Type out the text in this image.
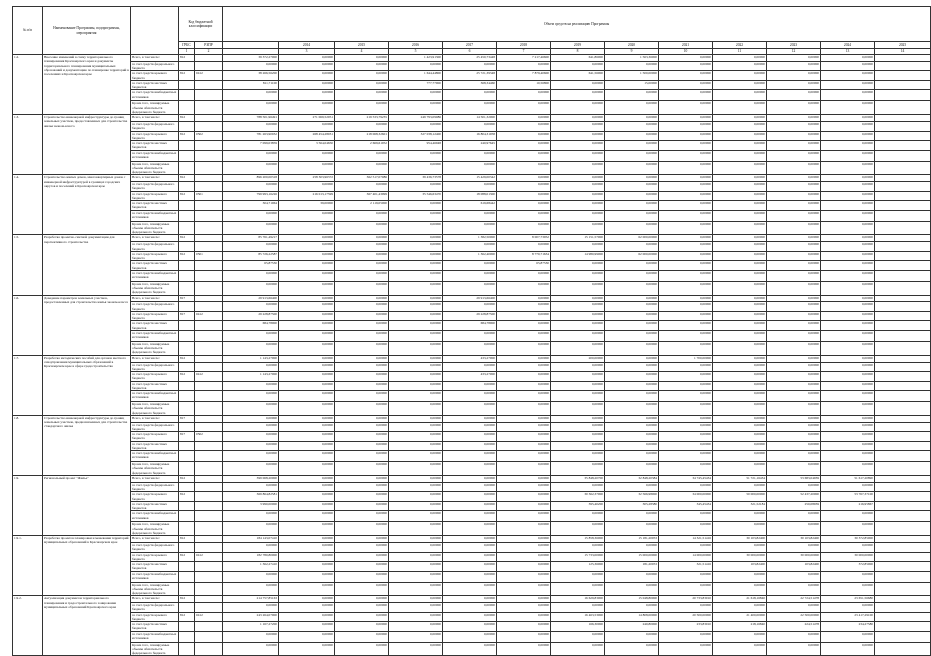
№ п/п	Наименование Программы, подпрограммы, мероприятия		Код бюджетной классификации		Объем средств на реализацию Программы													
			ГРБС	РЗПР		2014	2015	2016	2017	2018	2019	2020	2021	2022	2023	2024	2025	
			1	2		3	4	5	6	7	8	9	10	11	12	13	14			
1.2.	Внесение изменений в схему территориального планирования Красноярского края и документы территориального планирования муниципальных образований и документацию по планировке территорий в поселениях и Красноярском крае	Всего, в том числе:	812		39 372,27000	0,00000	0,00000	1 423,91300	25 450,73448	7 217,46600	641,86000	1 563,36000	0,00000	0,00000	0,00000	0,00000		
		за счет средств федерального бюджета			0,00000	0,00000	0,00000	0,00000	0,00000	0,00000	0,00000	0,00000	0,00000	0,00000	0,00000	0,00000		
		за счет средств краевого бюджета	812	0412	38 266,56200	0,00000	0,00000	1 644,44800	25 721,39348	7 879,40600	641,56000	1 500,00000	0,00000	0,00000	0,00000	0,00000		
		за счет средств местных бюджетов			811,71100	0,00000	0,00000	777,77900	368,34460	10,56800	0,00000	15,00000	0,00000	0,00000	0,00000	0,00000		
		за счет средств внебюджетных источников			0,00000	0,00000	0,00000	0,00000	0,00000	0,00000	0,00000	0,00000	0,00000	0,00000	0,00000	0,00000		
		Кроме того, планируемые объемы обязательств федерального бюджета			0,00000	0,00000	0,00000	0,00000	0,00000	0,00000	0,00000	0,00000	0,00000	0,00000	0,00000	0,00000		
1.3.	Строительство инженерной инфраструктуры до границ земельных участков, предоставленных для строительства жилья эконом-класса	Всего, в том числе:	812		788 501,96491	271 069,52051	219 533,79235	249 793,09086	14 501,32000	0,00000	0,00000	0,00000	0,00000	0,00000	0,00000	0,00000		
		за счет средств федерального бюджета			0,00000	0,00000	0,00000	0,00000	0,00000	0,00000	0,00000	0,00000	0,00000	0,00000	0,00000	0,00000		
		за счет средств краевого бюджета	812	0502	781 263,90932	268 454,28031	218 068,32601	327 038,12400	16 804,31958	0,00000	0,00000	0,00000	0,00000	0,00000	0,00000	0,00000		
		за счет средств местных бюджетов			7 099,03859	3 564,04650	2 669,61952	954,46948	240,97645	0,00000	0,00000	0,00000	0,00000	0,00000	0,00000	0,00000		
		за счет средств внебюджетных источников			0,00000	0,00000	0,00000	0,00000	0,00000	0,00000	0,00000	0,00000	0,00000	0,00000	0,00000	0,00000		
		Кроме того, планируемые объемы обязательств федерального бюджета			0,00000	0,00000	0,00000	0,00000	0,00000	0,00000	0,00000	0,00000	0,00000	0,00000	0,00000	0,00000		
1.4.	Строительство жилых домов, многоквартирных домов с инженерной инфраструктурой в границах городских округов и поселений в Красноярском крае	Всего, в том числе:	812		896 200,00318	258 303,96372	362 517,07086	39 436,73578	15 429,00342	0,00000	0,00000	0,00000	0,00000	0,00000	0,00000	0,00000		
		за счет средств федерального бюджета			0,00000	0,00000	0,00000	0,00000	0,00000	0,00000	0,00000	0,00000	0,00000	0,00000	0,00000	0,00000		
		за счет средств краевого бюджета	812	0501	799 993,16226	216 013,17599	367 401,43999	35 546,63470	18 088,01300	0,00000	0,00000	0,00000	0,00000	0,00000	0,00000	0,00000		
		за счет средств местных бюджетов			304,71964	39,00000	2 119,05000	0,00000	619,68442	0,00000	0,00000	0,00000	0,00000	0,00000	0,00000	0,00000		
		за счет средств внебюджетных источников			0,00000	0,00000	0,00000	0,00000	0,00000	0,00000	0,00000	0,00000	0,00000	0,00000	0,00000	0,00000		
		Кроме того, планируемые объемы обязательств федерального бюджета			0,00000	0,00000	0,00000	0,00000	0,00000	0,00000	0,00000	0,00000	0,00000	0,00000	0,00000	0,00000		
1.5.	Разработка проектно-сметной документации для перспективного строительства	Всего, в том числе:	812		85 761,49217	0,00000	0,00000	0,00000	1 382,50000	8 007,73952	15 151,57000	62 000,00000	0,00000	0,00000	0,00000	0,00000		
		за счет средств федерального бюджета			0,00000	0,00000	0,00000	0,00000	0,00000	0,00000	0,00000	0,00000	0,00000	0,00000	0,00000	0,00000		
		за счет средств краевого бюджета	812	0501	85 726,22587	0,00000	0,00000	0,00000	1 362,40000	8 770,71634	14 980,99000	62 000,00000	0,00000	0,00000	0,00000	0,00000		
		за счет средств местных бюджетов			65,87530	0,00000	0,00000	0,00000	0,00000	65,87530	0,00000	0,00000	0,00000	0,00000	0,00000	0,00000		
		за счет средств внебюджетных источников			0,00000	0,00000	0,00000	0,00000	0,00000	0,00000	0,00000	0,00000	0,00000	0,00000	0,00000	0,00000		
		Кроме того, планируемые объемы обязательств федерального бюджета			0,00000	0,00000	0,00000	0,00000	0,00000	0,00000	0,00000	0,00000	0,00000	0,00000	0,00000	0,00000		
1.6.	Доведение параметров земельных участков, предоставленных для строительства жилья эконом-класса	Всего, в том числе:	817		29 913,66400	0,00000	0,00000	0,00000	29 913,66400	0,00000	0,00000	0,00000	0,00000	0,00000	0,00000	0,00000		
		за счет средств федерального бюджета			0,00000	0,00000	0,00000	0,00000	0,00000	0,00000	0,00000	0,00000	0,00000	0,00000	0,00000	0,00000		
		за счет средств краевого бюджета	817	0412	29 228,87500	0,00000	0,00000	0,00000	29 228,87500	0,00000	0,00000	0,00000	0,00000	0,00000	0,00000	0,00000		
		за счет средств местных бюджетов			684,78900	0,00000	0,00000	0,00000	684,78900	0,00000	0,00000	0,00000	0,00000	0,00000	0,00000	0,00000		
		за счет средств внебюджетных источников			0,00000	0,00000	0,00000	0,00000	0,00000	0,00000	0,00000	0,00000	0,00000	0,00000	0,00000	0,00000		
		Кроме того, планируемые объемы обязательств федерального бюджета			0,00000	0,00000	0,00000	0,00000	0,00000	0,00000	0,00000	0,00000	0,00000	0,00000	0,00000	0,00000		
1.7.	Разработка методических пособий для органов местного самоуправления муниципальных образований в Красноярском крае в сфере градостроительства	Всего, в том числе:	812		1 143,27000	0,00000	0,00000	0,00000	433,27000	0,00000	200,00000	0,00000	1 700,00000	0,00000	0,00000	0,00000		
		за счет средств федерального бюджета			0,00000	0,00000	0,00000	0,00000	0,00000	0,00000	0,00000	0,00000	0,00000	0,00000	0,00000	0,00000		
		за счет средств краевого бюджета	812	0412	1 143,27000	0,00000	0,00000	0,00000	433,27000	0,00000	0,00000	0,00000	0,00000	0,00000	0,00000	0,00000		
		за счет средств местных бюджетов			0,00000	0,00000	0,00000	0,00000	0,00000	0,00000	0,00000	0,00000	0,00000	0,00000	0,00000	0,00000		
		за счет средств внебюджетных источников			0,00000	0,00000	0,00000	0,00000	0,00000	0,00000	0,00000	0,00000	0,00000	0,00000	0,00000	0,00000		
		Кроме того, планируемые объемы обязательств федерального бюджета			0,00000	0,00000	0,00000	0,00000	0,00000	0,00000	0,00000	0,00000	0,00000	0,00000	0,00000	0,00000		
1.8.	Строительство инженерной инфраструктуры до границ земельных участков, предназначенных для строительства стандартного жилья	Всего, в том числе:	817		0,00000	0,00000	0,00000	0,00000	0,00000	0,00000	0,00000	0,00000	0,00000	0,00000	0,00000	0,00000		
		за счет средств федерального бюджета			0,00000	0,00000	0,00000	0,00000	0,00000	0,00000	0,00000	0,00000	0,00000	0,00000	0,00000	0,00000		
		за счет средств краевого бюджета	817	0502	0,00000	0,00000	0,00000	0,00000	0,00000	0,00000	0,00000	0,00000	0,00000	0,00000	0,00000	0,00000		
		за счет средств местных бюджетов			0,00000	0,00000	0,00000	0,00000	0,00000	0,00000	0,00000	0,00000	0,00000	0,00000	0,00000	0,00000		
		за счет средств внебюджетных источников			0,00000	0,00000	0,00000	0,00000	0,00000	0,00000	0,00000	0,00000	0,00000	0,00000	0,00000	0,00000		
		Кроме того, планируемые объемы обязательств федерального бюджета			0,00000	0,00000	0,00000	0,00000	0,00000	0,00000	0,00000	0,00000	0,00000	0,00000	0,00000	0,00000		
1.9.	Региональный проект "Жилье"	Всего, в том числе:	812		399 068,20000	0,00000	0,00000	0,00000	0,00000	0,00000	35 848,20700	32 848,20384	34 745,45434	51 721,16434	53 683,04939	51 617,20890		
		за счет средств федерального бюджета			0,00000	0,00000	0,00000	0,00000	0,00000	0,00000	0,00000	0,00000	0,00000	0,00000	0,00000	0,00000		
		за счет средств краевого бюджета	812		369 864,82581	0,00000	0,00000	0,00000	0,00000	0,00000	30 362,37000	32 566,98000	34 000,00000	50 000,00000	52 437,20000	53 767,37100		
		за счет средств местных бюджетов			3 990,00000	0,00000	0,00000	0,00000	0,00000	0,00000	395,40200	305,28380	345,45434	321,52184	250,08939	216,95867		
		за счет средств внебюджетных источников			0,00000	0,00000	0,00000	0,00000	0,00000	0,00000	0,00000	0,00000	0,00000	0,00000	0,00000	0,00000		
		Кроме того, планируемые объемы обязательств федерального бюджета			0,00000	0,00000	0,00000	0,00000	0,00000	0,00000	0,00000	0,00000	0,00000	0,00000	0,00000	0,00000		
1.9.1.	Разработка проектов планировки и межевания территорий муниципальных образований в Красноярском крае	Всего, в том числе:	812		184 143,07410	0,00000	0,00000	0,00000	0,00000	0,00000	15 858,36000	15 181,20053	14 321,51416	30 103,82400	30 103,82400	30 372,85000		
		за счет средств федерального бюджета			0,00000	0,00000	0,00000	0,00000	0,00000	0,00000	0,00000	0,00000	0,00000	0,00000	0,00000	0,00000		
		за счет средств краевого бюджета	812	0412	182 780,80000	0,00000	0,00000	0,00000	0,00000	0,00000	15 733,00000	15 000,00000	14 000,00000	30 000,00000	30 000,00000	30 000,00000		
		за счет средств местных бюджетов			1 362,27410	0,00000	0,00000	0,00000	0,00000	0,00000	125,36000	181,20053	321,51416	103,82400	103,82400	372,85000		
		за счет средств внебюджетных источников			0,00000	0,00000	0,00000	0,00000	0,00000	0,00000	0,00000	0,00000	0,00000	0,00000	0,00000	0,00000		
		Кроме того, планируемые объемы обязательств федерального бюджета			0,00000	0,00000	0,00000	0,00000	0,00000	0,00000	0,00000	0,00000	0,00000	0,00000	0,00000	0,00000		
1.9.2.	Актуализация документов территориального планирования и градостроительного зонирования муниципальных образований Красноярского края	Всего, в том числе:	812		214 757,85163	0,00000	0,00000	0,00000	0,00000	0,00000	16 629,83000	15 048,80000	20 733,83010	21 618,16840	22 724,51478	23 651,56680		
		за счет средств федерального бюджета			0,00000	0,00000	0,00000	0,00000	0,00000	0,00000	0,00000	0,00000	0,00000	0,00000	0,00000	0,00000		
		за счет средств краевого бюджета	812	0412	243 264,07900	0,00000	0,00000	0,00000	0,00000	0,00000	16 463,53000	14 808,00000	20 500,00000	21 400,00000	22 500,00000	23 417,29100		
		за счет средств местных бюджетов			1 167,27200	0,00000	0,00000	0,00000	0,00000	0,00000	166,30000	240,80000	233,83010	218,16840	224,51478	234,27580		
		за счет средств внебюджетных источников			0,00000	0,00000	0,00000	0,00000	0,00000	0,00000	0,00000	0,00000	0,00000	0,00000	0,00000	0,00000		
		Кроме того, планируемые объемы обязательств федерального бюджета			0,00000	0,00000	0,00000	0,00000	0,00000	0,00000	0,00000	0,00000	0,00000	0,00000	0,00000	0,00000		
